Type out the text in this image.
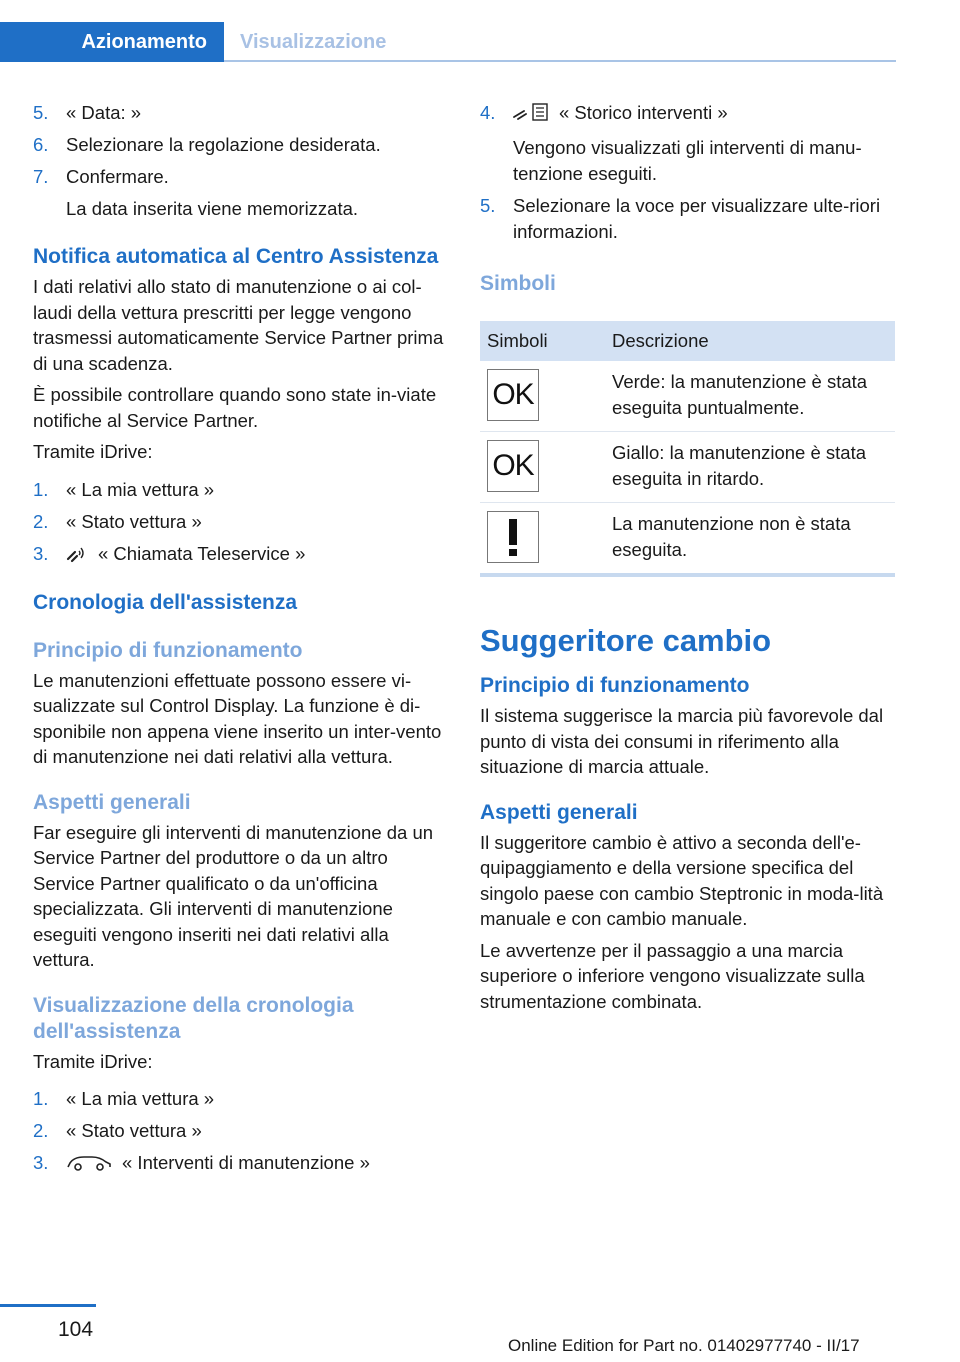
Azionamento Visualizzazione
5. « Data: »
6. Selezionare la regolazione desiderata.
7. Confermare.
La data inserita viene memorizzata.
Notifica automatica al Centro Assistenza

I dati relativi allo stato di manutenzione o ai col‐laudi della vettura prescritti per legge vengono trasmessi automaticamente Service Partner prima di una scadenza.

È possibile controllare quando sono state in‐viate notifiche al Service Partner.

Tramite iDrive:

1. « La mia vettura »
2. « Stato vettura »
3.	« Chiamata Teleservice »
Cronologia dell'assistenza
Principio di funzionamento

Le manutenzioni effettuate possono essere vi‐sualizzate sul Control Display. La funzione è di‐sponibile non appena viene inserito un inter‐vento di manutenzione nei dati relativi alla vettura.

Aspetti generali

Far eseguire gli interventi di manutenzione da un Service Partner del produttore o da un altro Service Partner qualificato o da un'officina specializzata. Gli interventi di manutenzione eseguiti vengono inseriti nei dati relativi alla vettura.

Visualizzazione della cronologia dell'assistenza

Tramite iDrive:

1. « La mia vettura »
2. « Stato vettura »
3.	« Interventi di manutenzione »
4.	« Storico interventi »
Vengono visualizzati gli interventi di manu‐tenzione eseguiti.
5. Selezionare la voce per visualizzare ulte‐riori informazioni.
Simboli
Simboli	Descrizione

OK	Verde: la manutenzione è stata eseguita puntualmente.

OK	Giallo: la manutenzione è stata eseguita in ritardo.

	La manutenzione non è stata eseguita.
Suggeritore cambio
Principio di funzionamento

Il sistema suggerisce la marcia più favorevole dal punto di vista dei consumi in riferimento alla situazione di marcia attuale.

Aspetti generali

Il suggeritore cambio è attivo a seconda dell'e‐quipaggiamento e della versione specifica del singolo paese con cambio Steptronic in moda‐lità manuale e con cambio manuale.

Le avvertenze per il passaggio a una marcia superiore o inferiore vengono visualizzate sulla strumentazione combinata.

104
Online Edition for Part no. 01402977740 - II/17
